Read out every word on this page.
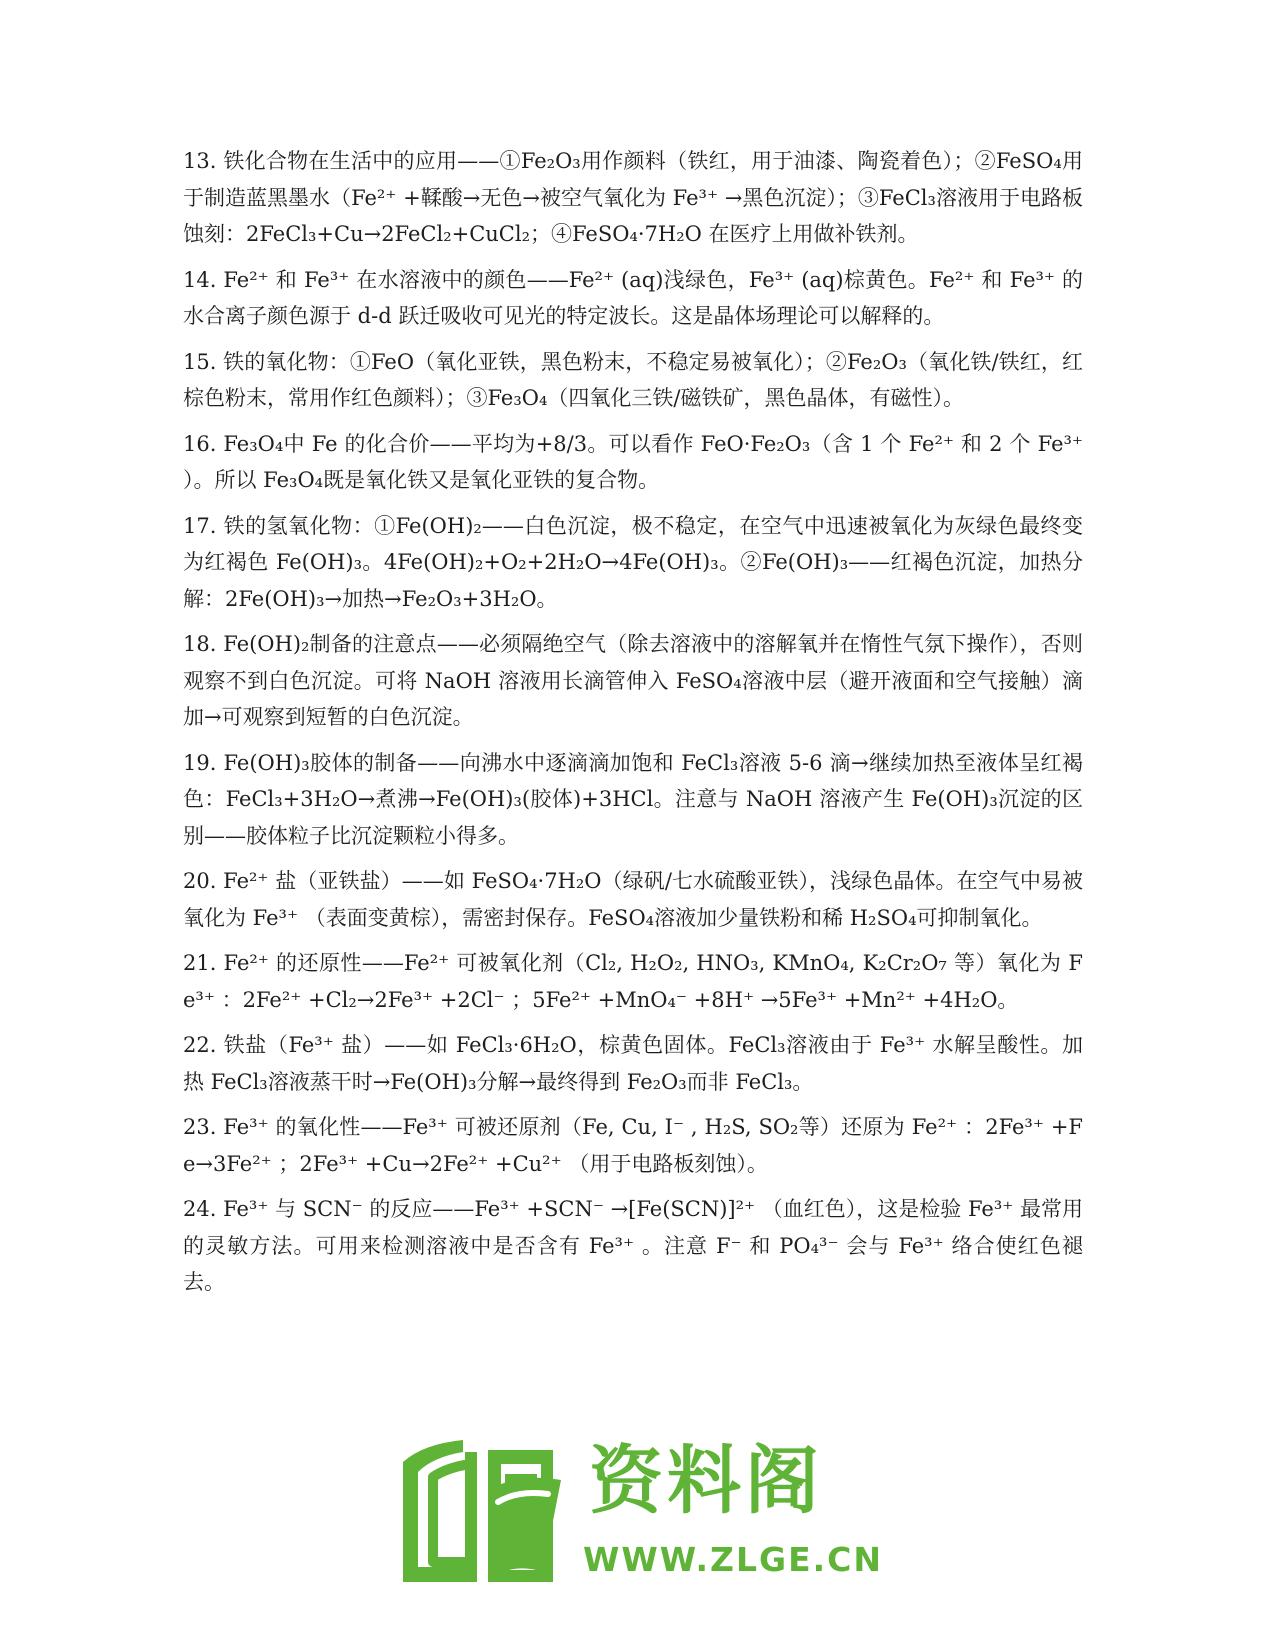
13. 铁化合物在生活中的应用——①Fe₂O₃用作颜料（铁红，用于油漆、陶瓷着色）；②FeSO₄用于制造蓝黑墨水（Fe²⁺ +鞣酸→无色→被空气氧化为 Fe³⁺ →黑色沉淀）；③FeCl₃溶液用于电路板蚀刻：2FeCl₃+Cu→2FeCl₂+CuCl₂；④FeSO₄·7H₂O 在医疗上用做补铁剂。

14. Fe²⁺ 和 Fe³⁺ 在水溶液中的颜色——Fe²⁺ (aq)浅绿色，Fe³⁺ (aq)棕黄色。Fe²⁺ 和 Fe³⁺ 的水合离子颜色源于 d-d 跃迁吸收可见光的特定波长。这是晶体场理论可以解释的。

15. 铁的氧化物：①FeO（氧化亚铁，黑色粉末，不稳定易被氧化）；②Fe₂O₃（氧化铁/铁红，红棕色粉末，常用作红色颜料）；③Fe₃O₄（四氧化三铁/磁铁矿，黑色晶体，有磁性）。

16. Fe₃O₄中 Fe 的化合价——平均为+8/3。可以看作 FeO·Fe₂O₃（含 1 个 Fe²⁺ 和 2 个 Fe³⁺ ）。所以 Fe₃O₄既是氧化铁又是氧化亚铁的复合物。

17. 铁的氢氧化物：①Fe(OH)₂——白色沉淀，极不稳定，在空气中迅速被氧化为灰绿色最终变为红褐色 Fe(OH)₃。4Fe(OH)₂+O₂+2H₂O→4Fe(OH)₃。②Fe(OH)₃——红褐色沉淀，加热分解：2Fe(OH)₃→加热→Fe₂O₃+3H₂O。

18. Fe(OH)₂制备的注意点——必须隔绝空气（除去溶液中的溶解氧并在惰性气氛下操作），否则观察不到白色沉淀。可将 NaOH 溶液用长滴管伸入 FeSO₄溶液中层（避开液面和空气接触）滴加→可观察到短暂的白色沉淀。

19. Fe(OH)₃胶体的制备——向沸水中逐滴滴加饱和 FeCl₃溶液 5-6 滴→继续加热至液体呈红褐色：FeCl₃+3H₂O→煮沸→Fe(OH)₃(胶体)+3HCl。注意与 NaOH 溶液产生 Fe(OH)₃沉淀的区别——胶体粒子比沉淀颗粒小得多。

20. Fe²⁺ 盐（亚铁盐）——如 FeSO₄·7H₂O（绿矾/七水硫酸亚铁），浅绿色晶体。在空气中易被氧化为 Fe³⁺ （表面变黄棕），需密封保存。FeSO₄溶液加少量铁粉和稀 H₂SO₄可抑制氧化。

21. Fe²⁺ 的还原性——Fe²⁺ 可被氧化剂（Cl₂, H₂O₂, HNO₃, KMnO₄, K₂Cr₂O₇ 等）氧化为 Fe³⁺ ：2Fe²⁺ +Cl₂→2Fe³⁺ +2Cl⁻ ；5Fe²⁺ +MnO₄⁻ +8H⁺ →5Fe³⁺ +Mn²⁺ +4H₂O。

22. 铁盐（Fe³⁺ 盐）——如 FeCl₃·6H₂O，棕黄色固体。FeCl₃溶液由于 Fe³⁺ 水解呈酸性。加热 FeCl₃溶液蒸干时→Fe(OH)₃分解→最终得到 Fe₂O₃而非 FeCl₃。

23. Fe³⁺ 的氧化性——Fe³⁺ 可被还原剂（Fe, Cu, I⁻ , H₂S, SO₂等）还原为 Fe²⁺ ：2Fe³⁺ +Fe→3Fe²⁺ ；2Fe³⁺ +Cu→2Fe²⁺ +Cu²⁺ （用于电路板刻蚀）。

24. Fe³⁺ 与 SCN⁻ 的反应——Fe³⁺ +SCN⁻ →[Fe(SCN)]²⁺ （血红色），这是检验 Fe³⁺ 最常用的灵敏方法。可用来检测溶液中是否含有 Fe³⁺ 。注意 F⁻ 和 PO₄³⁻ 会与 Fe³⁺ 络合使红色褪去。

资料阁
WWW.ZLGE.CN
